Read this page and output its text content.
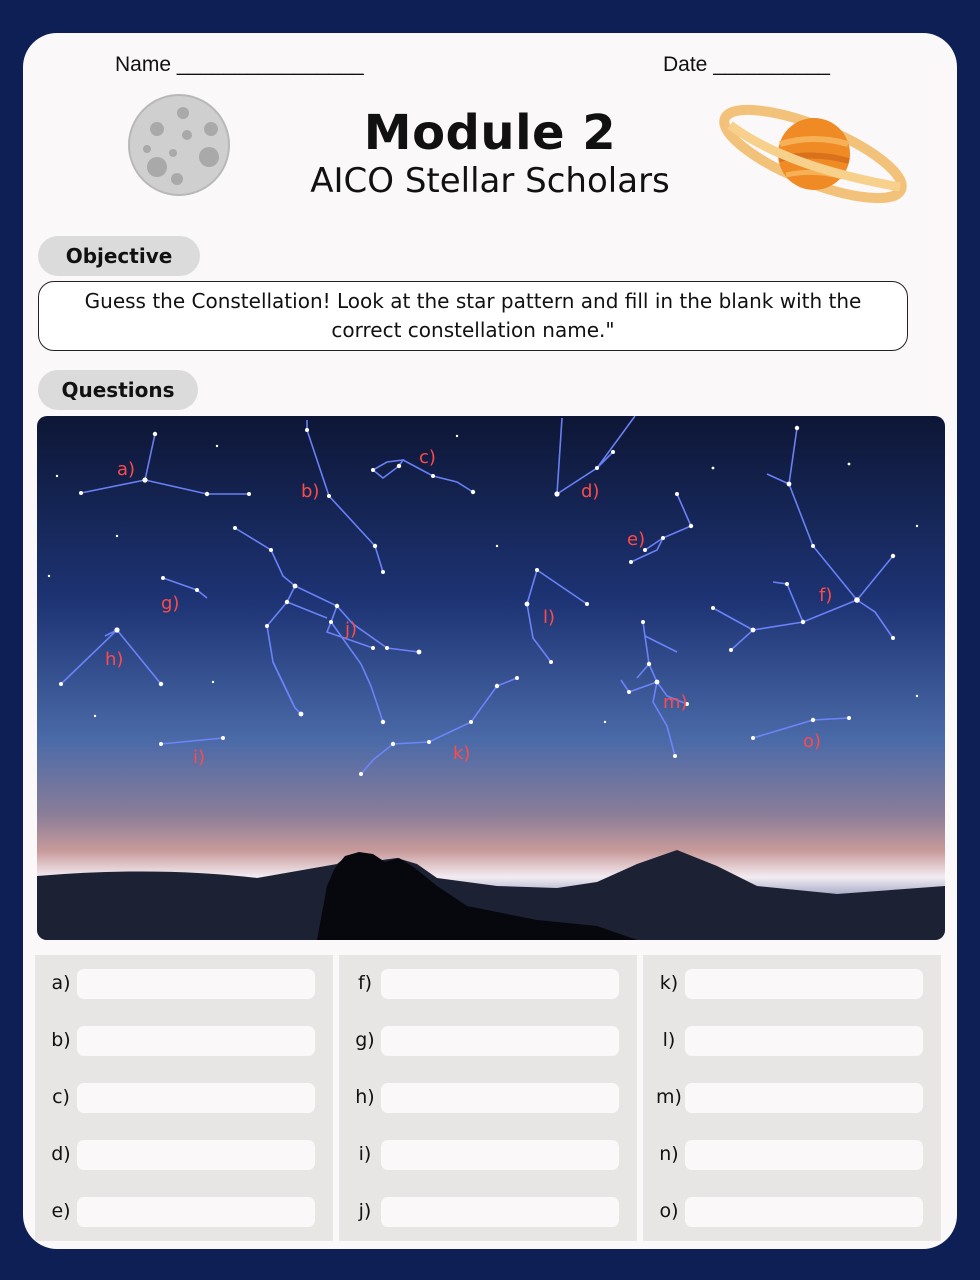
Name ________________	Date __________
Module 2
AICO Stellar Scholars
Objective
Guess the Constellation! Look at the star pattern and fill in the blank with the correct constellation name."
Questions
a)
b)
c)
d)
e)
f)
g)
h)
i)
j)
k)
l)
m)
o)
a)
b)
c)
d)
e)
f)
g)
h)
i)
j)
k)
l)
m)
n)
o)
